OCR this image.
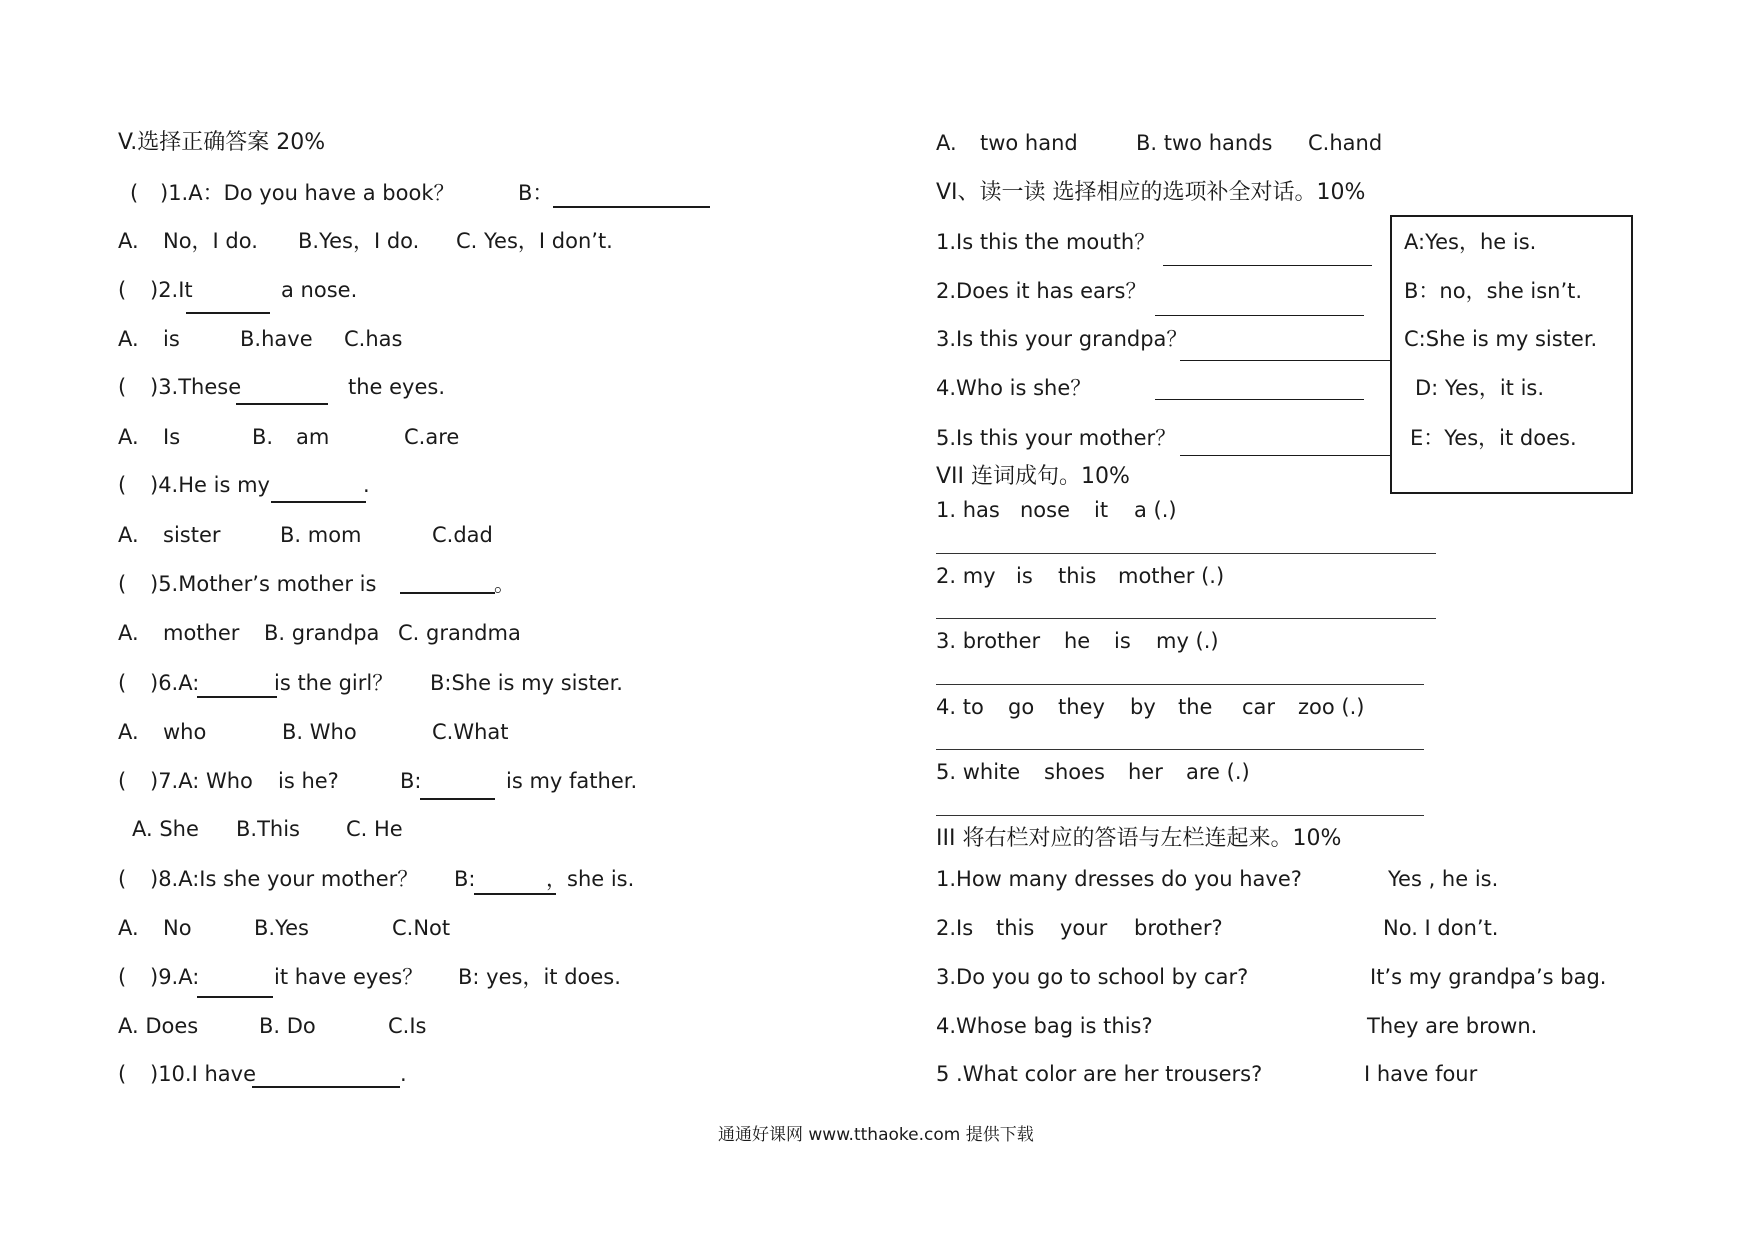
V.选择正确答案 20%
( )1.A：Do you have a book？	B：
A. No，I do. B.Yes，I do. C. Yes，I don’t.
( )2.It	a nose.
A. is	B.have C.has
( )3.These	the eyes.
A. Is	B. am	C.are
( )4.He is my	.
A. sister	B. mom	C.dad
( )5.Mother’s mother is	。
A. mother B. grandpa C. grandma
( )6.A:	is the girl？ B:She is my sister.
A. who	B. Who	C.What
( )7.A: Who is he?	B:	is my father.
A. She B.This C. He
( )8.A:Is she your mother？ B:	，she is.
A. No	B.Yes	C.Not
( )9.A:	it have eyes？ B: yes，it does.
A. Does	B. Do	C.Is
( )10.I have	.
A. two hand	B. two hands C.hand
VI、读一读 选择相应的选项补全对话。10%
1.Is this the mouth？
2.Does it has ears？
3.Is this your grandpa？
4.Who is she？
5.Is this your mother？
A:Yes，he is.
B：no，she isn’t.
C:She is my sister.
D: Yes，it is.
E：Yes，it does.
VII 连词成句。10%
1. has nose it a (.)
2. my is this mother (.)
3. brother he is my (.)
4. to go they by the car zoo (.)
5. white shoes her are (.)
III 将右栏对应的答语与左栏连起来。10%
1.How many dresses do you have?	Yes , he is.
2.Is this your brother?	No. I don’t.
3.Do you go to school by car?	It’s my grandpa’s bag.
4.Whose bag is this?	They are brown.
5 .What color are her trousers?	I have four
通通好课网 www.tthaoke.com 提供下载
